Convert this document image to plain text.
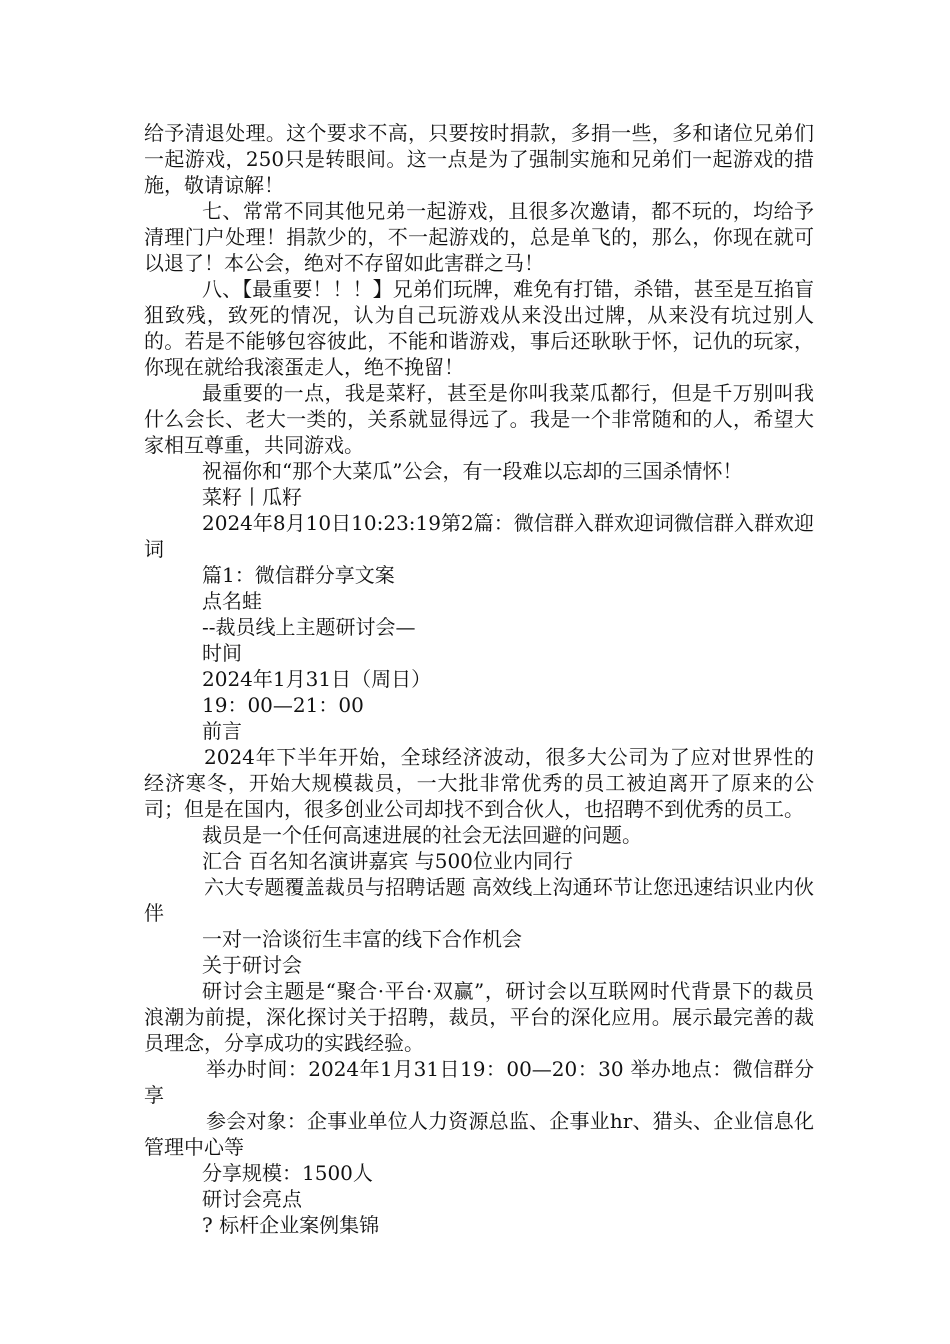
给予清退处理。这个要求不高，只要按时捐款，多捐一些，多和诸位兄弟们一起游戏，250只是转眼间。这一点是为了强制实施和兄弟们一起游戏的措施，敬请谅解！

七、常常不同其他兄弟一起游戏，且很多次邀请，都不玩的，均给予清理门户处理！捐款少的，不一起游戏的，总是单飞的，那么，你现在就可以退了！本公会，绝对不存留如此害群之马！

八、【最重要！！！】兄弟们玩牌，难免有打错，杀错，甚至是互掐盲狙致残，致死的情况，认为自己玩游戏从来没出过牌，从来没有坑过别人的。若是不能够包容彼此，不能和谐游戏，事后还耿耿于怀，记仇的玩家，你现在就给我滚蛋走人，绝不挽留！

最重要的一点，我是菜籽，甚至是你叫我菜瓜都行，但是千万别叫我什么会长、老大一类的，关系就显得远了。我是一个非常随和的人，希望大家相互尊重，共同游戏。

祝福你和“那个大菜瓜”公会，有一段难以忘却的三国杀情怀！

菜籽丨瓜籽

2024年8月10日10:23:19第2篇：微信群入群欢迎词微信群入群欢迎词

篇1：微信群分享文案

点名蛙

--裁员线上主题研讨会—

时间

2024年1月31日（周日）

19：00—21：00

前言

2024年下半年开始，全球经济波动，很多大公司为了应对世界性的经济寒冬，开始大规模裁员，一大批非常优秀的员工被迫离开了原来的公司；但是在国内，很多创业公司却找不到合伙人，也招聘不到优秀的员工。

裁员是一个任何高速进展的社会无法回避的问题。

汇合 百名知名演讲嘉宾 与500位业内同行

六大专题覆盖裁员与招聘话题 高效线上沟通环节让您迅速结识业内伙伴

一对一洽谈衍生丰富的线下合作机会

关于研讨会

研讨会主题是“聚合·平台·双赢”，研讨会以互联网时代背景下的裁员浪潮为前提，深化探讨关于招聘，裁员，平台的深化应用。展示最完善的裁员理念，分享成功的实践经验。

举办时间：2024年1月31日19：00—20：30 举办地点：微信群分享

参会对象：企事业单位人力资源总监、企事业hr、猎头、企业信息化管理中心等

分享规模：1500人

研讨会亮点

? 标杆企业案例集锦
